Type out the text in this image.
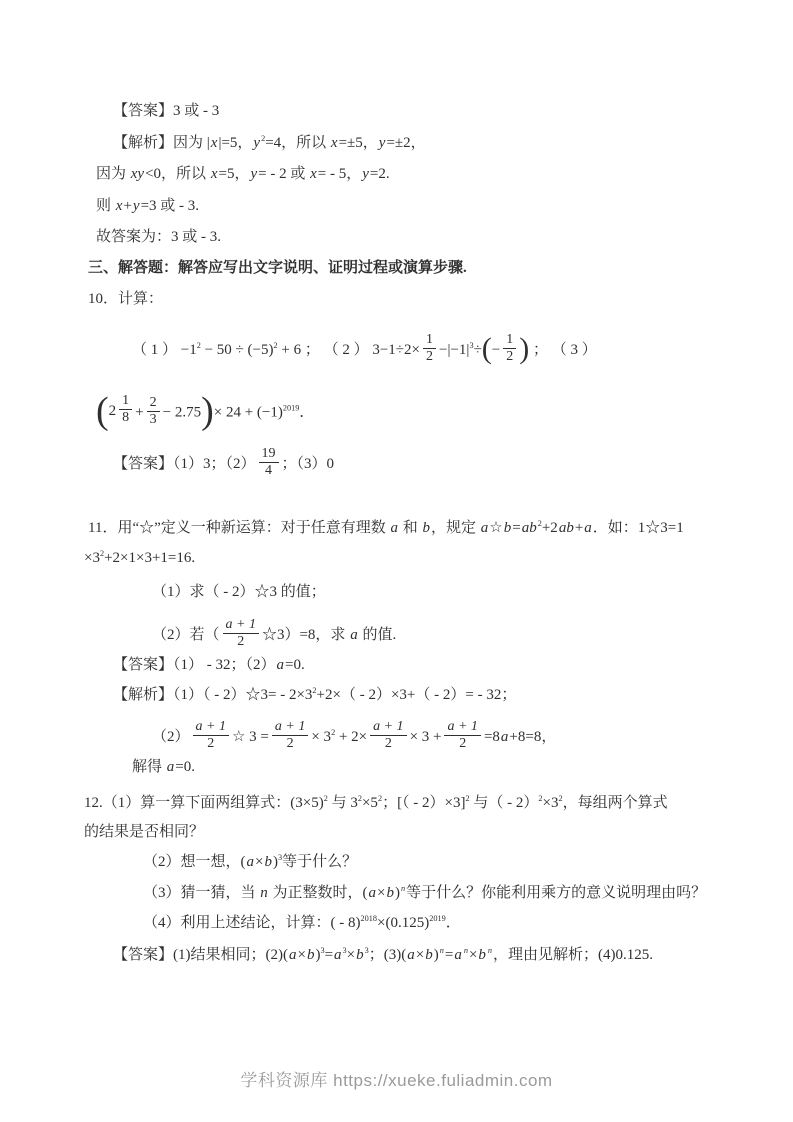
【答案】3 或 - 3
【解析】因为 |x|=5，$y^2=4$，所以 x=±5，y=±2，
因为 xy<0，所以 x=5，y= - 2 或 x= - 5，y=2.
则 x+y=3 或 - 3.
故答案为：3 或 - 3.
三、解答题：解答应写出文字说明、证明过程或演算步骤.
10．计算：
（ 1 ） $-1^2 - 50 \div (-5)^2 + 6$ ； （ 2 ） $3-1\div 2\times \frac{1}{2} -|-1|^3\div(- \frac{1}{2}$ ) ； （ 3 ）
( $2 \frac{1}{8} + \frac{2}{3} - 2.75)\times 24 + (-1)^{2019}$．
【答案】（1）3；$(2) \frac{19}{4}$ ；（3）0
11．用“☆”定义一种新运算：对于任意有理数 a 和 b，规定 $a☆b=ab^2+2ab+a$．如：1☆3=1
$\times 3^2+2\times 1\times 3+1=16$.
（1）求（ - 2）☆3 的值；
（2）若（ $\frac{a + 1}{2}$ ☆3）=8，求 a 的值.
【答案】（1） - 32；（2）a=0.
【解析】（1）（ - 2）☆3= - $2\times 3^2+2\times( - 2)\times 3+( - 2)= - 32$；
$(2) \frac{a + 1}{2}$ ☆ $3 = \frac{a + 1}{2} \times 3^2 + 2\times \frac{a + 1}{2} \times 3 + \frac{a + 1}{2} =8a+8=8$，
解得 a=0.
12.（1）算一算下面两组算式：$(3\times 5)^2$ 与 $3^2\times 5^2$；[（ - 2）×3]$^2$ 与（ - $2)^2\times 3^2$，每组两个算式
的结果是否相同？
（2）想一想，$(a\times b)^3$等于什么？
（3）猜一猜，当 n 为正整数时，$(a\times b)^n$等于什么？你能利用乘方的意义说明理由吗？
（4）利用上述结论，计算：( - $8)^{2018}\times(0.125)^{2019}$．
【答案】(1)结果相同；$(2)(a\times b)^3=a^3\times b^3$；$(3)(a\times b)^n=a$ $^n$×b $^n$，理由见解析；(4)0.125.
学科资源库 https://xueke.fuliadmin.com
